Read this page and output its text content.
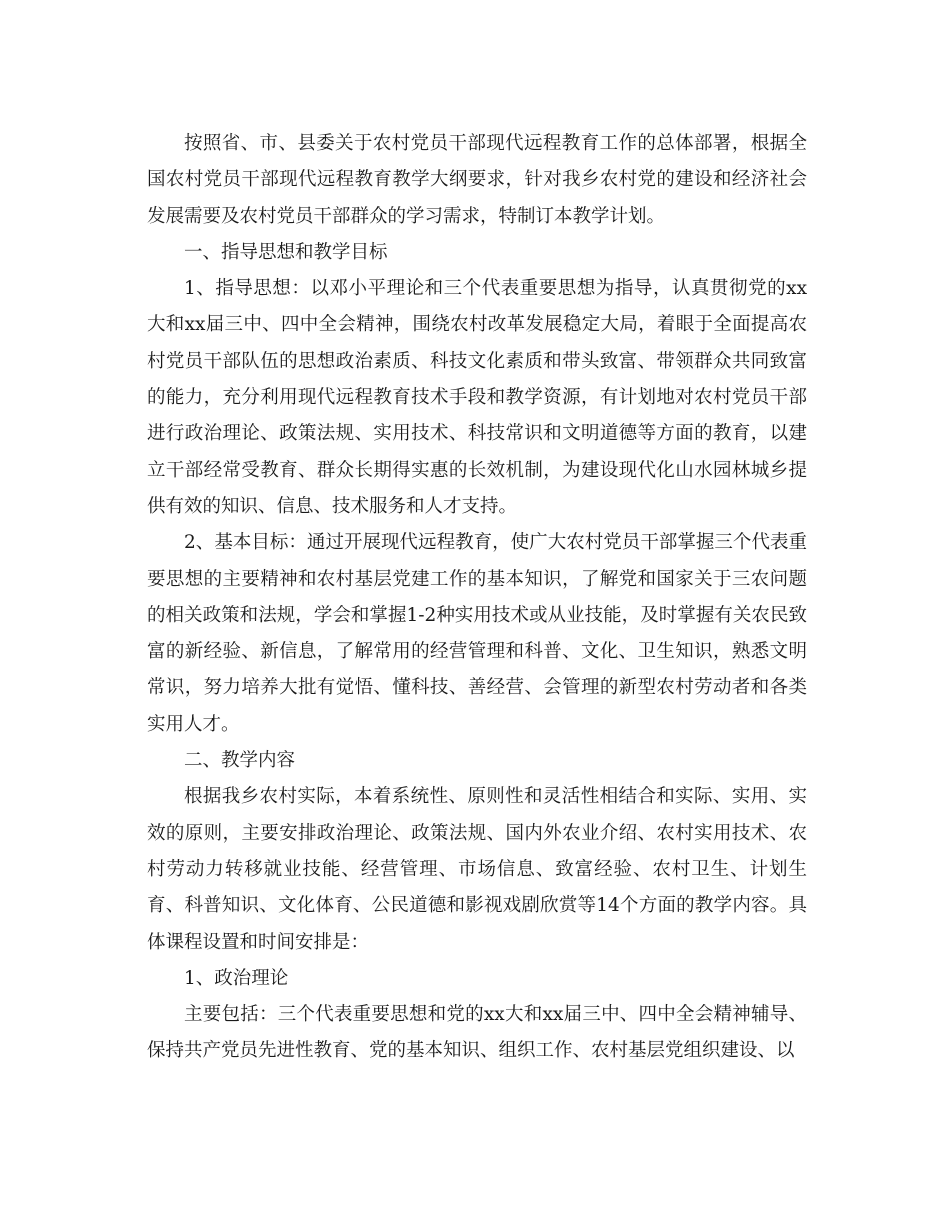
按照省、市、县委关于农村党员干部现代远程教育工作的总体部署，根据全国农村党员干部现代远程教育教学大纲要求，针对我乡农村党的建设和经济社会发展需要及农村党员干部群众的学习需求，特制订本教学计划。

一、指导思想和教学目标

1、指导思想：以邓小平理论和三个代表重要思想为指导，认真贯彻党的xx大和xx届三中、四中全会精神，围绕农村改革发展稳定大局，着眼于全面提高农村党员干部队伍的思想政治素质、科技文化素质和带头致富、带领群众共同致富的能力，充分利用现代远程教育技术手段和教学资源，有计划地对农村党员干部进行政治理论、政策法规、实用技术、科技常识和文明道德等方面的教育，以建立干部经常受教育、群众长期得实惠的长效机制，为建设现代化山水园林城乡提供有效的知识、信息、技术服务和人才支持。

2、基本目标：通过开展现代远程教育，使广大农村党员干部掌握三个代表重要思想的主要精神和农村基层党建工作的基本知识，了解党和国家关于三农问题的相关政策和法规，学会和掌握1-2种实用技术或从业技能，及时掌握有关农民致富的新经验、新信息，了解常用的经营管理和科普、文化、卫生知识，熟悉文明常识，努力培养大批有觉悟、懂科技、善经营、会管理的新型农村劳动者和各类实用人才。

二、教学内容

根据我乡农村实际，本着系统性、原则性和灵活性相结合和实际、实用、实效的原则，主要安排政治理论、政策法规、国内外农业介绍、农村实用技术、农村劳动力转移就业技能、经营管理、市场信息、致富经验、农村卫生、计划生育、科普知识、文化体育、公民道德和影视戏剧欣赏等14个方面的教学内容。具体课程设置和时间安排是：

1、政治理论

主要包括：三个代表重要思想和党的xx大和xx届三中、四中全会精神辅导、保持共产党员先进性教育、党的基本知识、组织工作、农村基层党组织建设、以
